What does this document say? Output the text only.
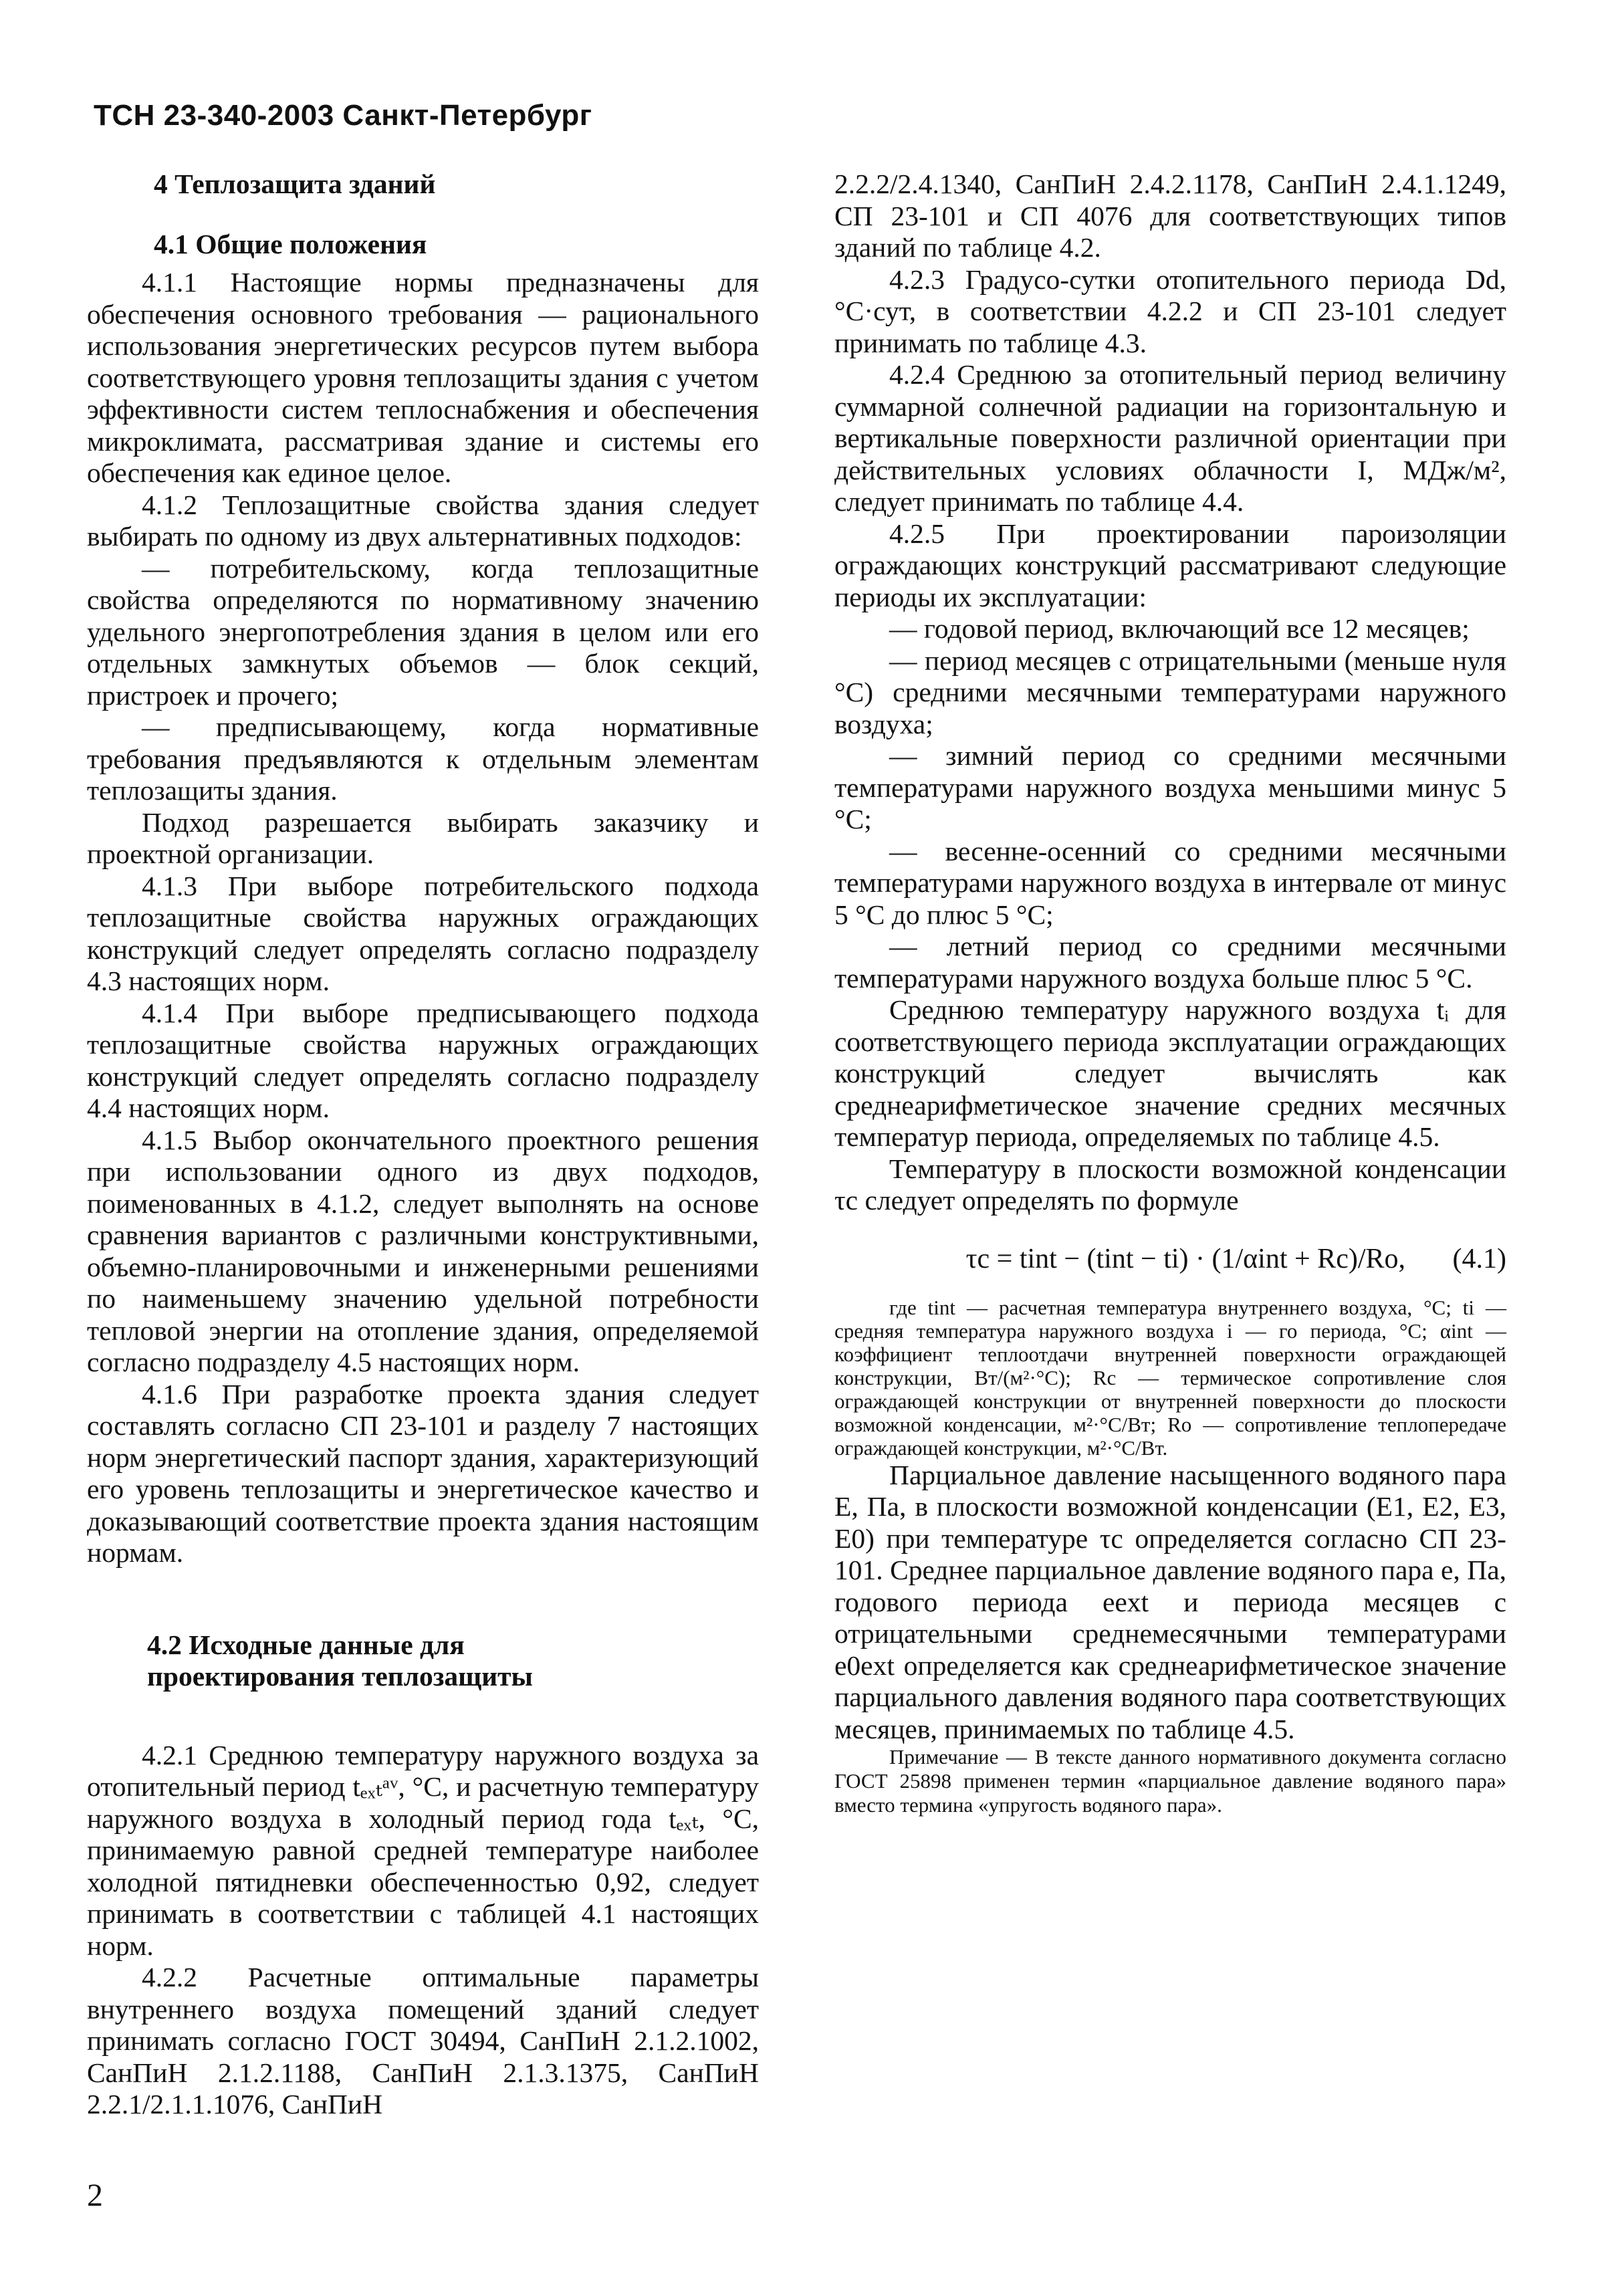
ТСН 23-340-2003 Санкт-Петербург
4 Теплозащита зданий
4.1 Общие положения

4.1.1 Настоящие нормы предназначены для обеспечения основного требования — рационального использования энергетических ресурсов путем выбора соответствующего уровня теплозащиты здания с учетом эффективности систем теплоснабжения и обеспечения микроклимата, рассматривая здание и системы его обеспечения как единое целое.

4.1.2 Теплозащитные свойства здания следует выбирать по одному из двух альтернативных подходов:

— потребительскому, когда теплозащитные свойства определяются по нормативному значению удельного энергопотребления здания в целом или его отдельных замкнутых объемов — блок секций, пристроек и прочего;

— предписывающему, когда нормативные требования предъявляются к отдельным элементам теплозащиты здания.

Подход разрешается выбирать заказчику и проектной организации.

4.1.3 При выборе потребительского подхода теплозащитные свойства наружных ограждающих конструкций следует определять согласно подразделу 4.3 настоящих норм.

4.1.4 При выборе предписывающего подхода теплозащитные свойства наружных ограждающих конструкций следует определять согласно подразделу 4.4 настоящих норм.

4.1.5 Выбор окончательного проектного решения при использовании одного из двух подходов, поименованных в 4.1.2, следует выполнять на основе сравнения вариантов с различными конструктивными, объемно-планировочными и инженерными решениями по наименьшему значению удельной потребности тепловой энергии на отопление здания, определяемой согласно подразделу 4.5 настоящих норм.

4.1.6 При разработке проекта здания следует составлять согласно СП 23-101 и разделу 7 настоящих норм энергетический паспорт здания, характеризующий его уровень теплозащиты и энергетическое качество и доказывающий соответствие проекта здания настоящим нормам.

4.2 Исходные данные для
проектирования теплозащиты

4.2.1 Среднюю температуру наружного воздуха за отопительный период tₑₓₜᵃᵛ, °С, и расчетную температуру наружного воздуха в холодный период года tₑₓₜ, °С, принимаемую равной средней температуре наиболее холодной пятидневки обеспеченностью 0,92, следует принимать в соответствии с таблицей 4.1 настоящих норм.

4.2.2 Расчетные оптимальные параметры внутреннего воздуха помещений зданий следует принимать согласно ГОСТ 30494, СанПиН 2.1.2.1002, СанПиН 2.1.2.1188, СанПиН 2.1.3.1375, СанПиН 2.2.1/2.1.1.1076, СанПиН

2.2.2/2.4.1340, СанПиН 2.4.2.1178, СанПиН 2.4.1.1249, СП 23-101 и СП 4076 для соответствующих типов зданий по таблице 4.2.

4.2.3 Градусо-сутки отопительного периода Dd, °С·сут, в соответствии 4.2.2 и СП 23-101 следует принимать по таблице 4.3.

4.2.4 Среднюю за отопительный период величину суммарной солнечной радиации на горизонтальную и вертикальные поверхности различной ориентации при действительных условиях облачности I, МДж/м², следует принимать по таблице 4.4.

4.2.5 При проектировании пароизоляции ограждающих конструкций рассматривают следующие периоды их эксплуатации:

— годовой период, включающий все 12 месяцев;

— период месяцев с отрицательными (меньше нуля °С) средними месячными температурами наружного воздуха;

— зимний период со средними месячными температурами наружного воздуха меньшими минус 5 °С;

— весенне-осенний со средними месячными температурами наружного воздуха в интервале от минус 5 °С до плюс 5 °С;

— летний период со средними месячными температурами наружного воздуха больше плюс 5 °С.

Среднюю температуру наружного воздуха tᵢ для соответствующего периода эксплуатации ограждающих конструкций следует вычислять как среднеарифметическое значение средних месячных температур периода, определяемых по таблице 4.5.

Температуру в плоскости возможной конденсации τc следует определять по формуле

τc = tint − (tint − ti) · (1/αint + Rc)/Ro, (4.1)

где tint — расчетная температура внутреннего воздуха, °С; ti — средняя температура наружного воздуха i — го периода, °С; αint — коэффициент теплоотдачи внутренней поверхности ограждающей конструкции, Вт/(м²·°С); Rc — термическое сопротивление слоя ограждающей конструкции от внутренней поверхности до плоскости возможной конденсации, м²·°С/Вт; Ro — сопротивление теплопередаче ограждающей конструкции, м²·°С/Вт.

Парциальное давление насыщенного водяного пара E, Па, в плоскости возможной конденсации (E1, E2, E3, E0) при температуре τc определяется согласно СП 23-101. Среднее парциальное давление водяного пара e, Па, годового периода eext и периода месяцев с отрицательными среднемесячными температурами e0ext определяется как среднеарифметическое значение парциального давления водяного пара соответствующих месяцев, принимаемых по таблице 4.5.

Примечание — В тексте данного нормативного документа согласно ГОСТ 25898 применен термин «парциальное давление водяного пара» вместо термина «упругость водяного пара».

2
